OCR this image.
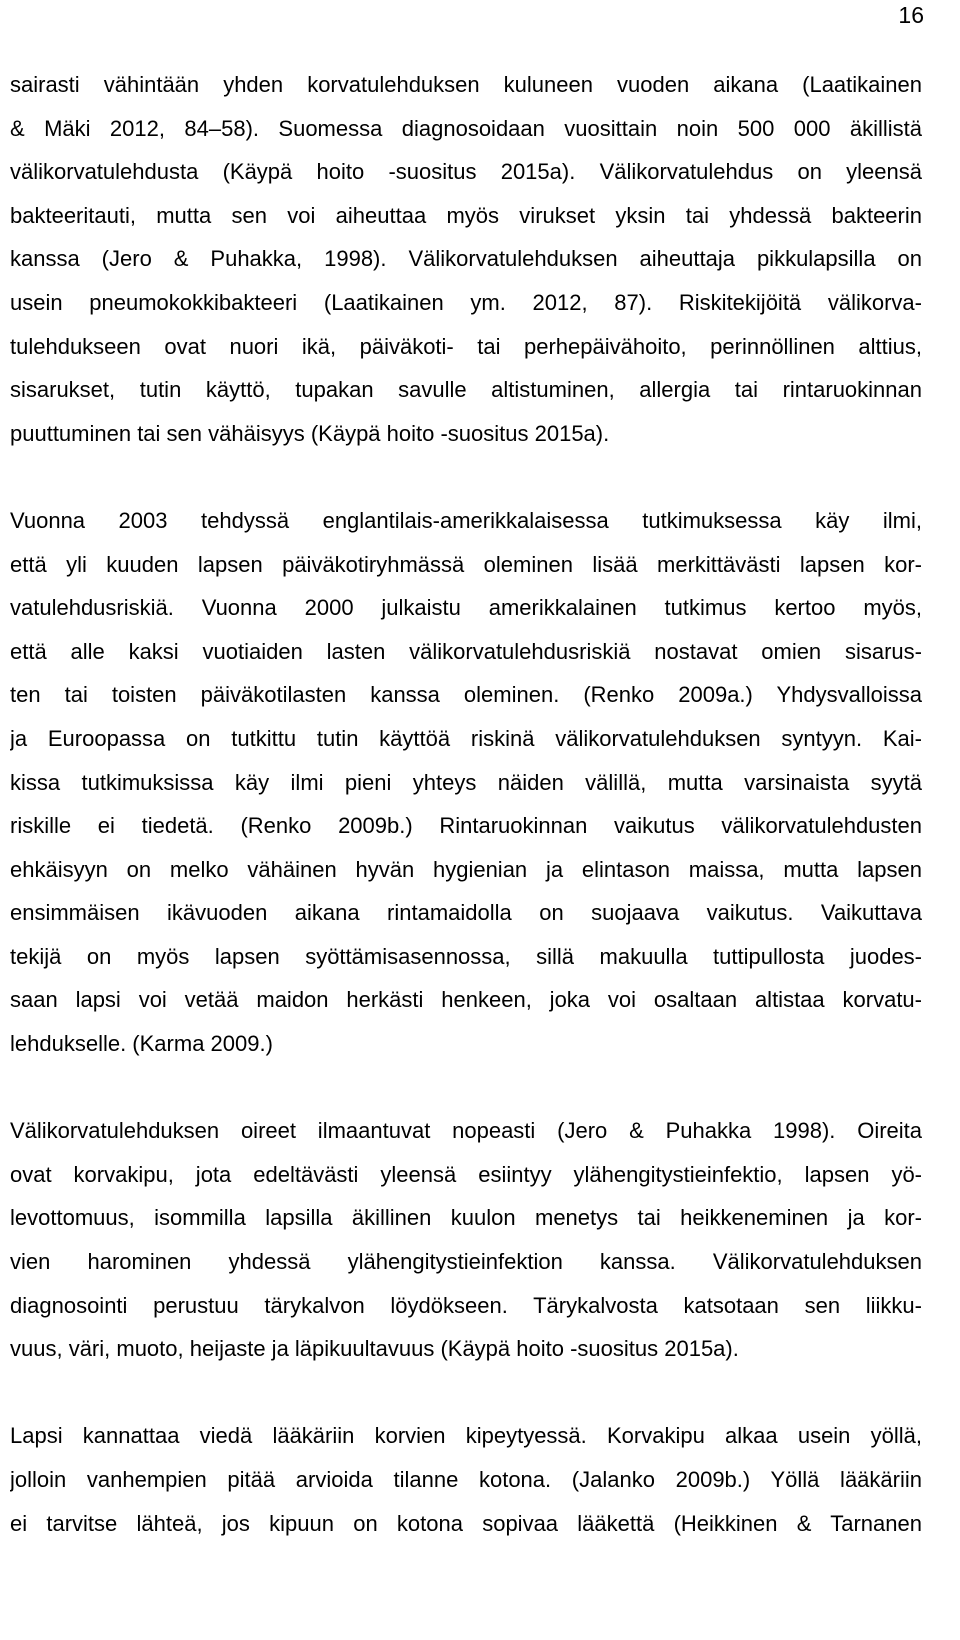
16

sairasti vähintään yhden korvatulehduksen kuluneen vuoden aikana (Laatikainen
& Mäki 2012, 84–58). Suomessa diagnosoidaan vuosittain noin 500 000 äkillistä
välikorvatulehdusta (Käypä hoito -suositus 2015a). Välikorvatulehdus on yleensä
bakteeritauti, mutta sen voi aiheuttaa myös virukset yksin tai yhdessä bakteerin
kanssa (Jero & Puhakka, 1998). Välikorvatulehduksen aiheuttaja pikkulapsilla on
usein pneumokokkibakteeri (Laatikainen ym. 2012, 87). Riskitekijöitä välikorva-
tulehdukseen ovat nuori ikä, päiväkoti- tai perhepäivähoito, perinnöllinen alttius,
sisarukset, tutin käyttö, tupakan savulle altistuminen, allergia tai rintaruokinnan
puuttuminen tai sen vähäisyys (Käypä hoito -suositus 2015a).

Vuonna 2003 tehdyssä englantilais-amerikkalaisessa tutkimuksessa käy ilmi,
että yli kuuden lapsen päiväkotiryhmässä oleminen lisää merkittävästi lapsen kor-
vatulehdusriskiä. Vuonna 2000 julkaistu amerikkalainen tutkimus kertoo myös,
että alle kaksi vuotiaiden lasten välikorvatulehdusriskiä nostavat omien sisarus-
ten tai toisten päiväkotilasten kanssa oleminen. (Renko 2009a.) Yhdysvalloissa
ja Euroopassa on tutkittu tutin käyttöä riskinä välikorvatulehduksen syntyyn. Kai-
kissa tutkimuksissa käy ilmi pieni yhteys näiden välillä, mutta varsinaista syytä
riskille ei tiedetä. (Renko 2009b.) Rintaruokinnan vaikutus välikorvatulehdusten
ehkäisyyn on melko vähäinen hyvän hygienian ja elintason maissa, mutta lapsen
ensimmäisen ikävuoden aikana rintamaidolla on suojaava vaikutus. Vaikuttava
tekijä on myös lapsen syöttämisasennossa, sillä makuulla tuttipullosta juodes-
saan lapsi voi vetää maidon herkästi henkeen, joka voi osaltaan altistaa korvatu-
lehdukselle. (Karma 2009.)

Välikorvatulehduksen oireet ilmaantuvat nopeasti (Jero & Puhakka 1998). Oireita
ovat korvakipu, jota edeltävästi yleensä esiintyy ylähengitystieinfektio, lapsen yö-
levottomuus, isommilla lapsilla äkillinen kuulon menetys tai heikkeneminen ja kor-
vien harominen yhdessä ylähengitystieinfektion kanssa. Välikorvatulehduksen
diagnosointi perustuu tärykalvon löydökseen. Tärykalvosta katsotaan sen liikku-
vuus, väri, muoto, heijaste ja läpikuultavuus (Käypä hoito -suositus 2015a).

Lapsi kannattaa viedä lääkäriin korvien kipeytyessä. Korvakipu alkaa usein yöllä,
jolloin vanhempien pitää arvioida tilanne kotona. (Jalanko 2009b.) Yöllä lääkäriin
ei tarvitse lähteä, jos kipuun on kotona sopivaa lääkettä (Heikkinen & Tarnanen
